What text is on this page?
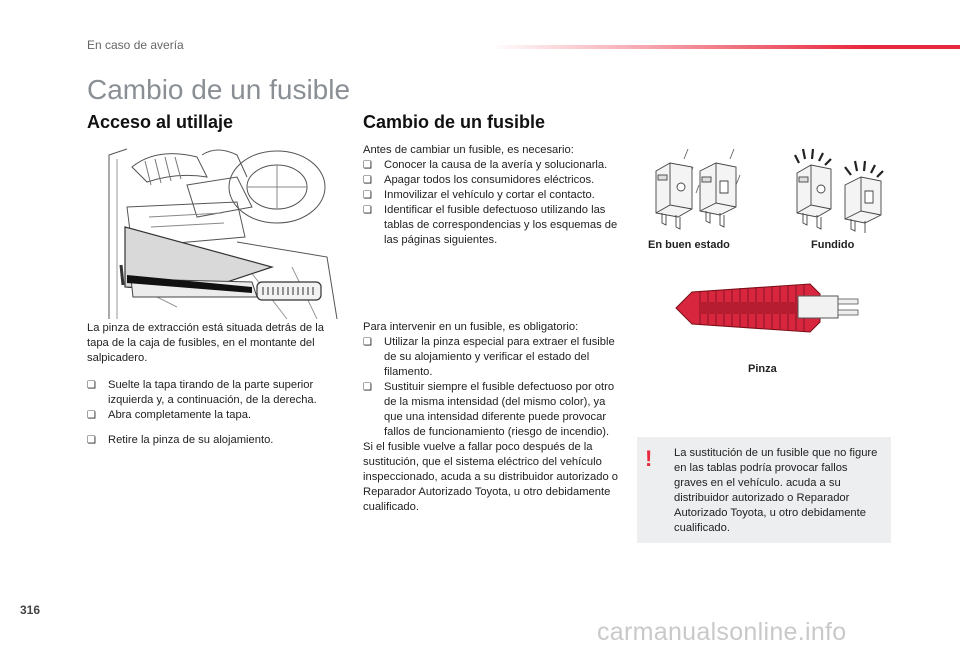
En caso de avería
Cambio de un fusible
Acceso al utillaje
La pinza de extracción está situada detrás de la tapa de la caja de fusibles, en el montante del salpicadero.
❏ Suelte la tapa tirando de la parte superior izquierda y, a continuación, de la derecha.
❏ Abra completamente la tapa.
❏ Retire la pinza de su alojamiento.
Cambio de un fusible
Antes de cambiar un fusible, es necesario:
❏ Conocer la causa de la avería y solucionarla.
❏ Apagar todos los consumidores eléctricos.
❏ Inmovilizar el vehículo y cortar el contacto.
❏ Identificar el fusible defectuoso utilizando las tablas de correspondencias y los esquemas de las páginas siguientes.
Para intervenir en un fusible, es obligatorio:
❏ Utilizar la pinza especial para extraer el fusible de su alojamiento y verificar el estado del filamento.
❏ Sustituir siempre el fusible defectuoso por otro de la misma intensidad (del mismo color), ya que una intensidad diferente puede provocar fallos de funcionamiento (riesgo de incendio).
Si el fusible vuelve a fallar poco después de la sustitución, que el sistema eléctrico del vehículo inspeccionado, acuda a su distribuidor autorizado o Reparador Autorizado Toyota, u otro debidamente cualificado.
En buen estado	Fundido
Pinza
! La sustitución de un fusible que no figure en las tablas podría provocar fallos graves en el vehículo. acuda a su distribuidor autorizado o Reparador Autorizado Toyota, u otro debidamente cualificado.
316
carmanualsonline.info
